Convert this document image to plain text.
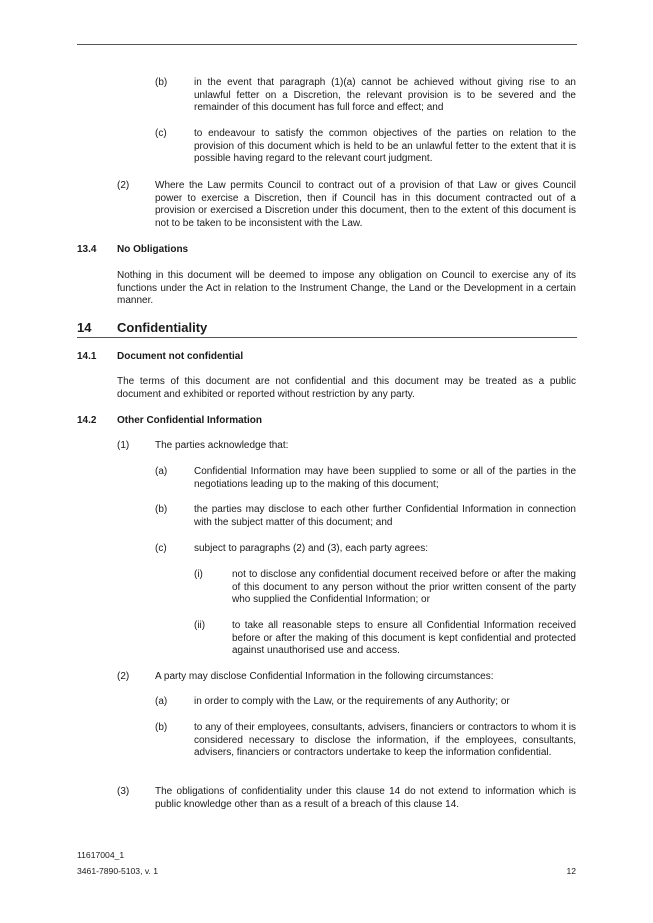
(b)	in the event that paragraph (1)(a) cannot be achieved without giving rise to an unlawful fetter on a Discretion, the relevant provision is to be severed and the remainder of this document has full force and effect; and
(c)	to endeavour to satisfy the common objectives of the parties on relation to the provision of this document which is held to be an unlawful fetter to the extent that it is possible having regard to the relevant court judgment.
(2)	Where the Law permits Council to contract out of a provision of that Law or gives Council power to exercise a Discretion, then if Council has in this document contracted out of a provision or exercised a Discretion under this document, then to the extent of this document is not to be taken to be inconsistent with the Law.
13.4 No Obligations
Nothing in this document will be deemed to impose any obligation on Council to exercise any of its functions under the Act in relation to the Instrument Change, the Land or the Development in a certain manner.
14 Confidentiality
14.1 Document not confidential
The terms of this document are not confidential and this document may be treated as a public document and exhibited or reported without restriction by any party.
14.2 Other Confidential Information
(1)	The parties acknowledge that:
(a)	Confidential Information may have been supplied to some or all of the parties in the negotiations leading up to the making of this document;
(b)	the parties may disclose to each other further Confidential Information in connection with the subject matter of this document; and
(c)	subject to paragraphs (2) and (3), each party agrees:
(i)	not to disclose any confidential document received before or after the making of this document to any person without the prior written consent of the party who supplied the Confidential Information; or
(ii)	to take all reasonable steps to ensure all Confidential Information received before or after the making of this document is kept confidential and protected against unauthorised use and access.
(2)	A party may disclose Confidential Information in the following circumstances:
(a)	in order to comply with the Law, or the requirements of any Authority; or
(b)	to any of their employees, consultants, advisers, financiers or contractors to whom it is considered necessary to disclose the information, if the employees, consultants, advisers, financiers or contractors undertake to keep the information confidential.
(3)	The obligations of confidentiality under this clause 14 do not extend to information which is public knowledge other than as a result of a breach of this clause 14.
11617004_1
3461-7890-5103, v. 1	12
